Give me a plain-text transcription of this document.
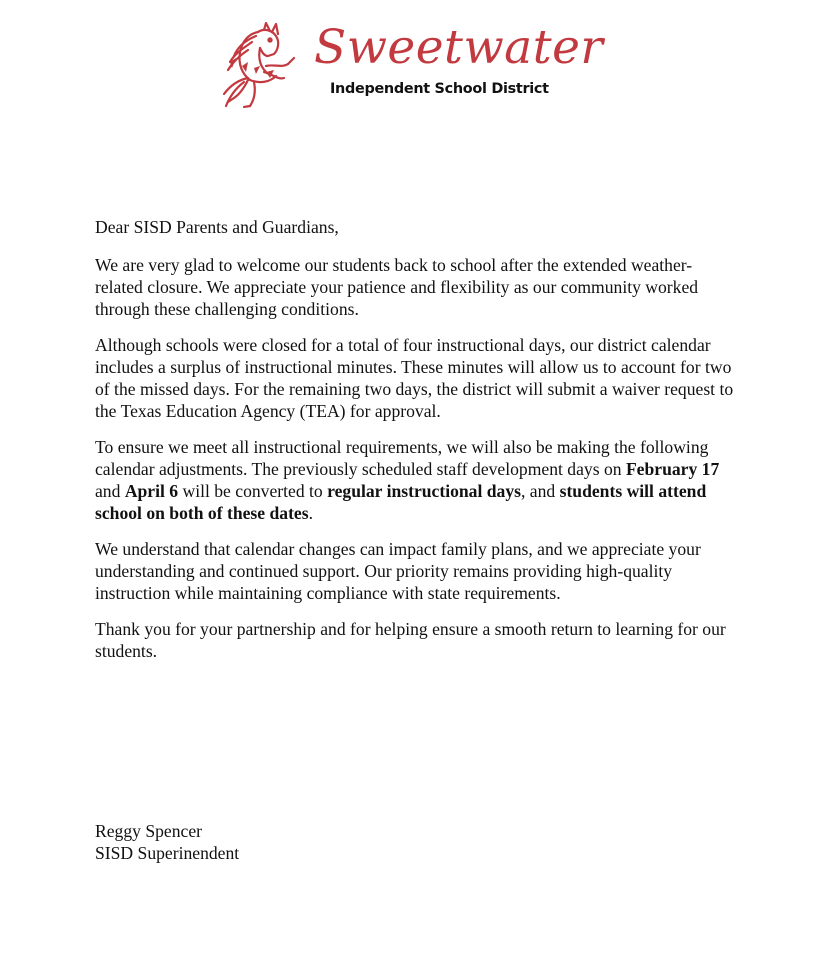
Sweetwater
Independent School District

Dear SISD Parents and Guardians,

We are very glad to welcome our students back to school after the extended weather-related closure. We appreciate your patience and flexibility as our community worked through these challenging conditions.

Although schools were closed for a total of four instructional days, our district calendar includes a surplus of instructional minutes. These minutes will allow us to account for two of the missed days. For the remaining two days, the district will submit a waiver request to the Texas Education Agency (TEA) for approval.

To ensure we meet all instructional requirements, we will also be making the following calendar adjustments. The previously scheduled staff development days on February 17 and April 6 will be converted to regular instructional days, and students will attend school on both of these dates.

We understand that calendar changes can impact family plans, and we appreciate your understanding and continued support. Our priority remains providing high-quality instruction while maintaining compliance with state requirements.

Thank you for your partnership and for helping ensure a smooth return to learning for our students.

Reggy Spencer
SISD Superinendent
